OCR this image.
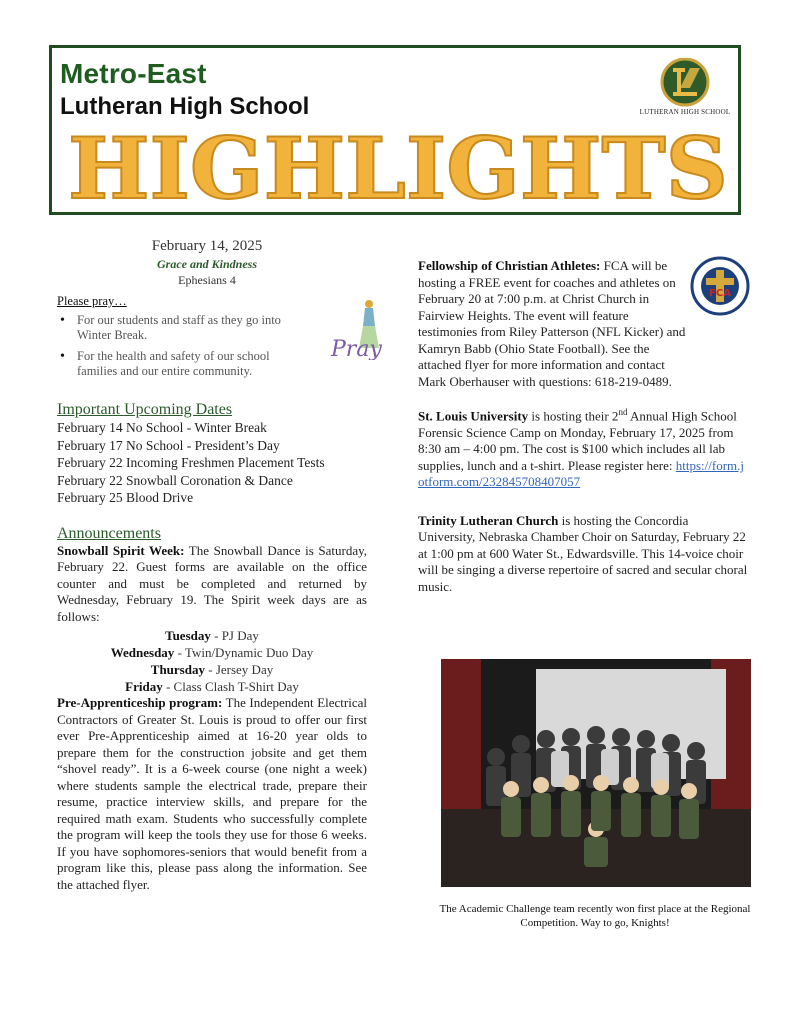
Metro-East
Lutheran High School
HIGHLIGHTS
LUTHERAN HIGH SCHOOL
February 14, 2025
Grace and Kindness
Ephesians 4
Please pray…
• For our students and staff as they go into Winter Break.
• For the health and safety of our school families and our entire community.
Pray
Important Upcoming Dates
February 14 No School - Winter Break
February 17 No School - President’s Day
February 22 Incoming Freshmen Placement Tests
February 22 Snowball Coronation & Dance
February 25 Blood Drive
Announcements

Snowball Spirit Week: The Snowball Dance is Saturday, February 22. Guest forms are available on the office counter and must be completed and returned by Wednesday, February 19. The Spirit week days are as follows:

Tuesday - PJ Day
Wednesday - Twin/Dynamic Duo Day
Thursday - Jersey Day
Friday - Class Clash T-Shirt Day

Pre-Apprenticeship program: The Independent Electrical Contractors of Greater St. Louis is proud to offer our first ever Pre-Apprenticeship aimed at 16-20 year olds to prepare them for the construction jobsite and get them “shovel ready”. It is a 6-week course (one night a week) where students sample the electrical trade, prepare their resume, practice interview skills, and prepare for the required math exam. Students who successfully complete the program will keep the tools they use for those 6 weeks. If you have sophomores-seniors that would benefit from a program like this, please pass along the information. See the attached flyer.

Fellowship of Christian Athletes: FCA will be hosting a FREE event for coaches and athletes on February 20 at 7:00 p.m. at Christ Church in Fairview Heights. The event will feature testimonies from Riley Patterson (NFL Kicker) and Kamryn Babb (Ohio State Football). See the attached flyer for more information and contact Mark Oberhauser with questions: 618-219-0489.

FCA

St. Louis University is hosting their 2nd Annual High School Forensic Science Camp on Monday, February 17, 2025 from 8:30 am – 4:00 pm. The cost is $100 which includes all lab supplies, lunch and a t-shirt. Please register here: https://form.jotform.com/232845708407057

Trinity Lutheran Church is hosting the Concordia University, Nebraska Chamber Choir on Saturday, February 22 at 1:00 pm at 600 Water St., Edwardsville. This 14-voice choir will be singing a diverse repertoire of sacred and secular choral music.

The Academic Challenge team recently won first place at the Regional Competition. Way to go, Knights!
